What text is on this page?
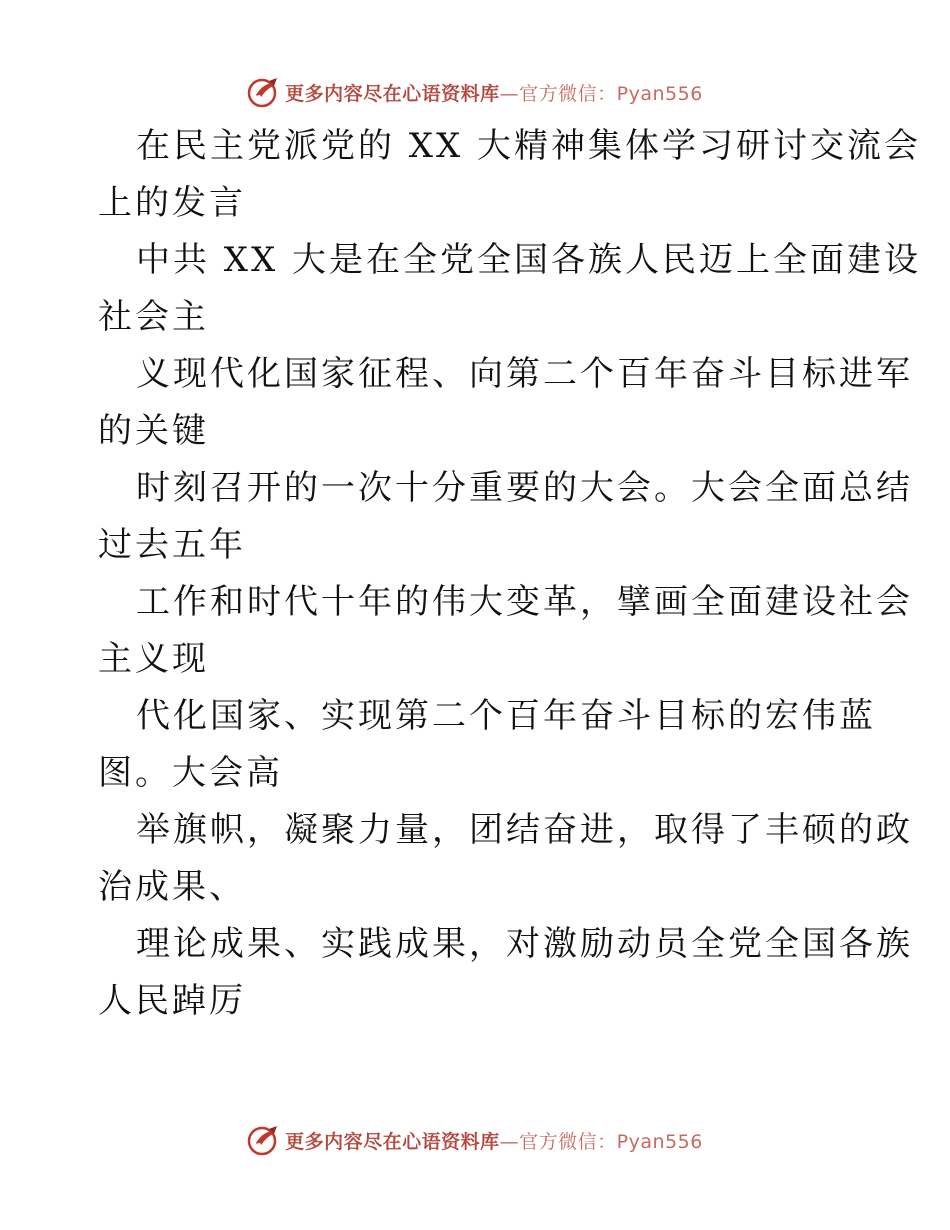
更多内容尽在心语资料库—官方微信：Pyan556
在民主党派党的 XX 大精神集体学习研讨交流会
上的发言
中共 XX 大是在全党全国各族人民迈上全面建设
社会主
义现代化国家征程、向第二个百年奋斗目标进军
的关键
时刻召开的一次十分重要的大会。大会全面总结
过去五年
工作和时代十年的伟大变革，擘画全面建设社会
主义现
代化国家、实现第二个百年奋斗目标的宏伟蓝
图。大会高
举旗帜，凝聚力量，团结奋进，取得了丰硕的政
治成果、
理论成果、实践成果，对激励动员全党全国各族
人民踔厉
更多内容尽在心语资料库—官方微信：Pyan556
